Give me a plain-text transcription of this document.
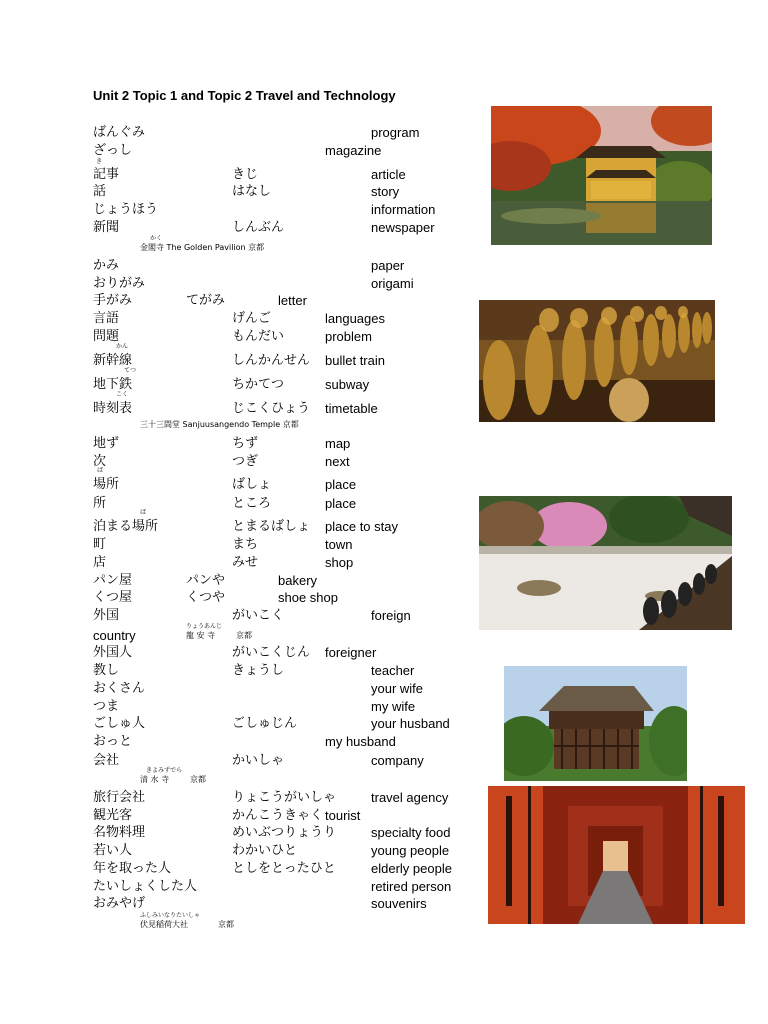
Unit 2 Topic 1 and Topic 2 Travel and Technology
ばんぐみ	program
ざっし	magazine
記事	きじ	article
話	はなし	story
じょうほう	information
新聞	しんぶん	newspaper
かみ	paper
おりがみ	origami
手がみ	てがみ	letter
言語	げんご	languages
問題	もんだい	problem
新幹線	しんかんせん bullet train
地下鉄	ちかてつ	subway
時刻表	じこくひょう timetable
地ず	ちず	map
次	つぎ	next
場所	ばしょ	place
所	ところ	place
泊まる場所	とまるばしょ place to stay
町	まち	town
店	みせ	shop
パン屋	パンや	bakery
くつ屋	くつや	shoe shop
外国	がいこく	foreign
country
外国人	がいこくじん foreigner
教し	きょうし	teacher
おくさん	your wife
つま	my wife
ごしゅ人	ごしゅじん	your husband
おっと	my husband
会社	かいしゃ	company
旅行会社	りょこうがいしゃ	travel agency
観光客	かんこうきゃく tourist
名物料理	めいぶつりょうり	specialty food
若い人	わかいひと	young people
年を取った人	としをとったひと	elderly people
たいしょくした人	retired person
おみやげ	souvenirs
き
かく
かん
てつ
こく
ば
ば
りょうあんじ
きよみずでら
ふしみいなりたいしゃ
金閣寺 The Golden Pavilion 京都
三十三間堂 Sanjuusangendo Temple 京都
龍 安 寺	京都
清 水 寺	京都
伏見稲荷大社	京都
